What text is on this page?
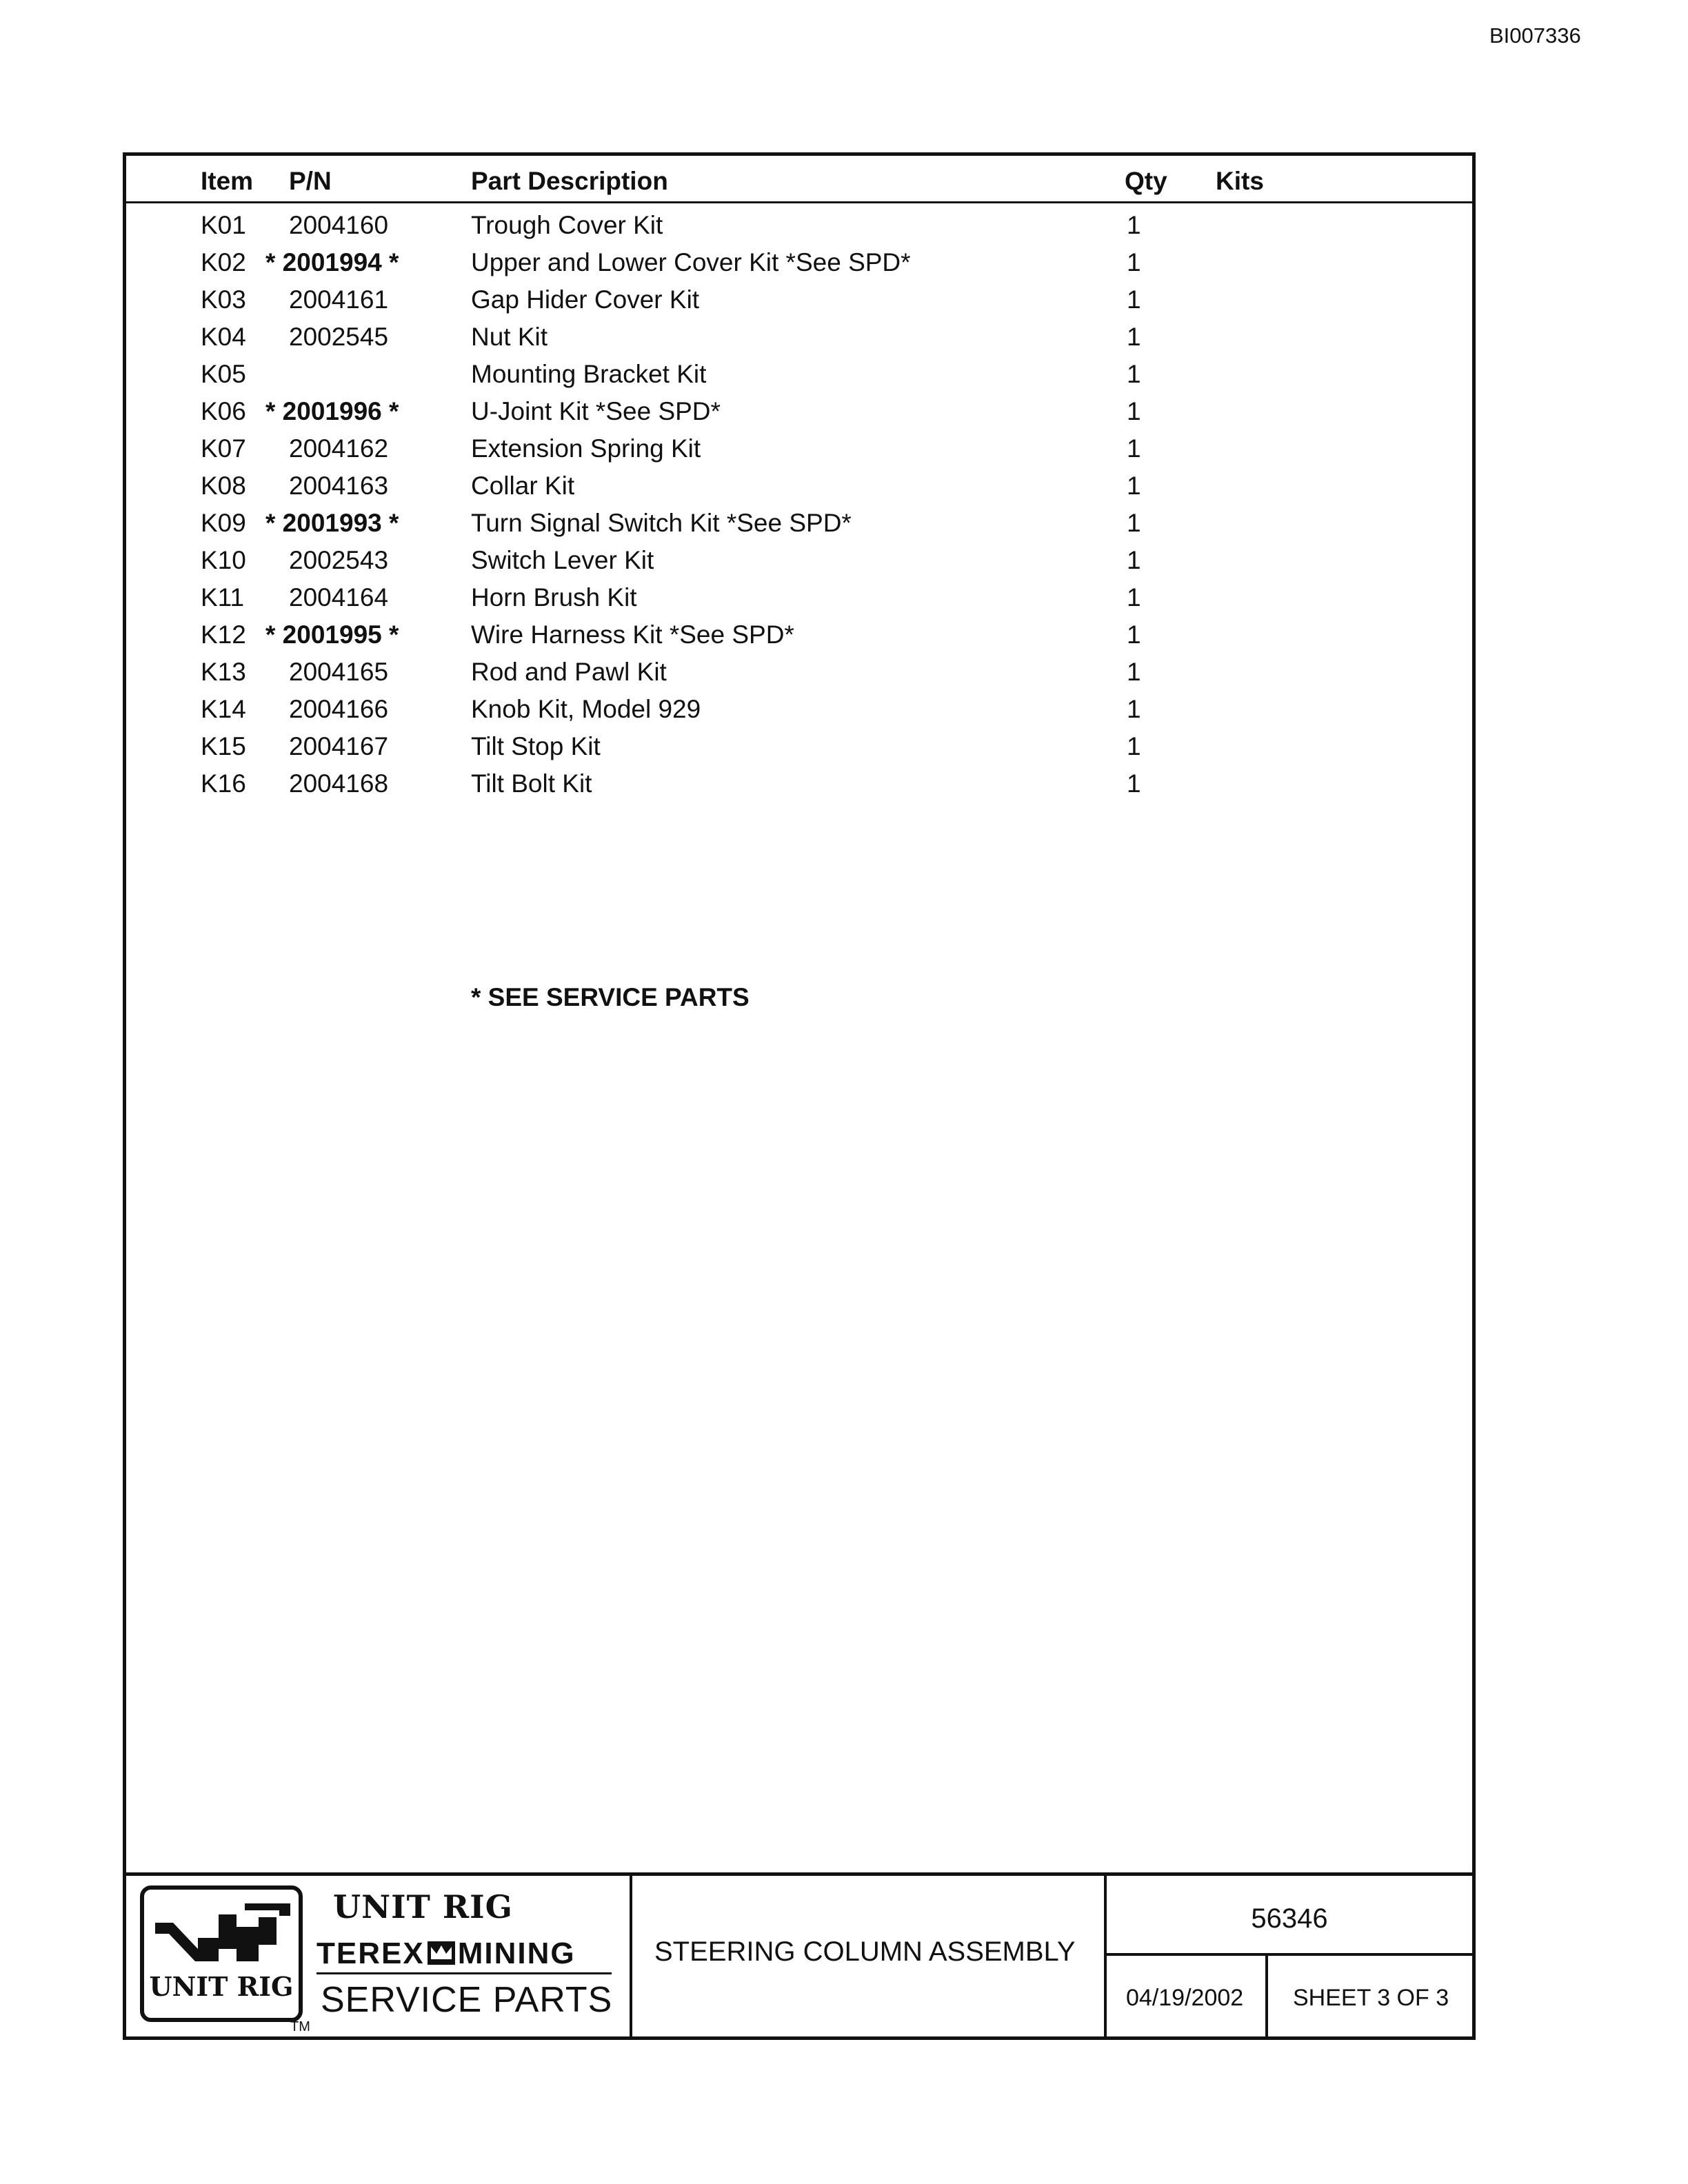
BI007336
Item P/N	Part Description	Qty Kits
K01 2004160	Trough Cover Kit	1
K02 * 2001994 *	Upper and Lower Cover Kit *See SPD*	1
K03 2004161	Gap Hider Cover Kit	1
K04 2002545	Nut Kit	1
K05	Mounting Bracket Kit	1
K06 * 2001996 *	U-Joint Kit *See SPD*	1
K07 2004162	Extension Spring Kit	1
K08 2004163	Collar Kit	1
K09 * 2001993 *	Turn Signal Switch Kit *See SPD*	1
K10 2002543	Switch Lever Kit	1
K11 2004164	Horn Brush Kit	1
K12 * 2001995 *	Wire Harness Kit *See SPD*	1
K13 2004165	Rod and Pawl Kit	1
K14 2004166	Knob Kit, Model 929	1
K15 2004167	Tilt Stop Kit	1
K16 2004168	Tilt Bolt Kit	1
* SEE SERVICE PARTS
UNIT RIG
TM
UNIT RIG
TEREX MINING
SERVICE PARTS
STEERING COLUMN ASSEMBLY
56346
04/19/2002 SHEET 3 OF 3
